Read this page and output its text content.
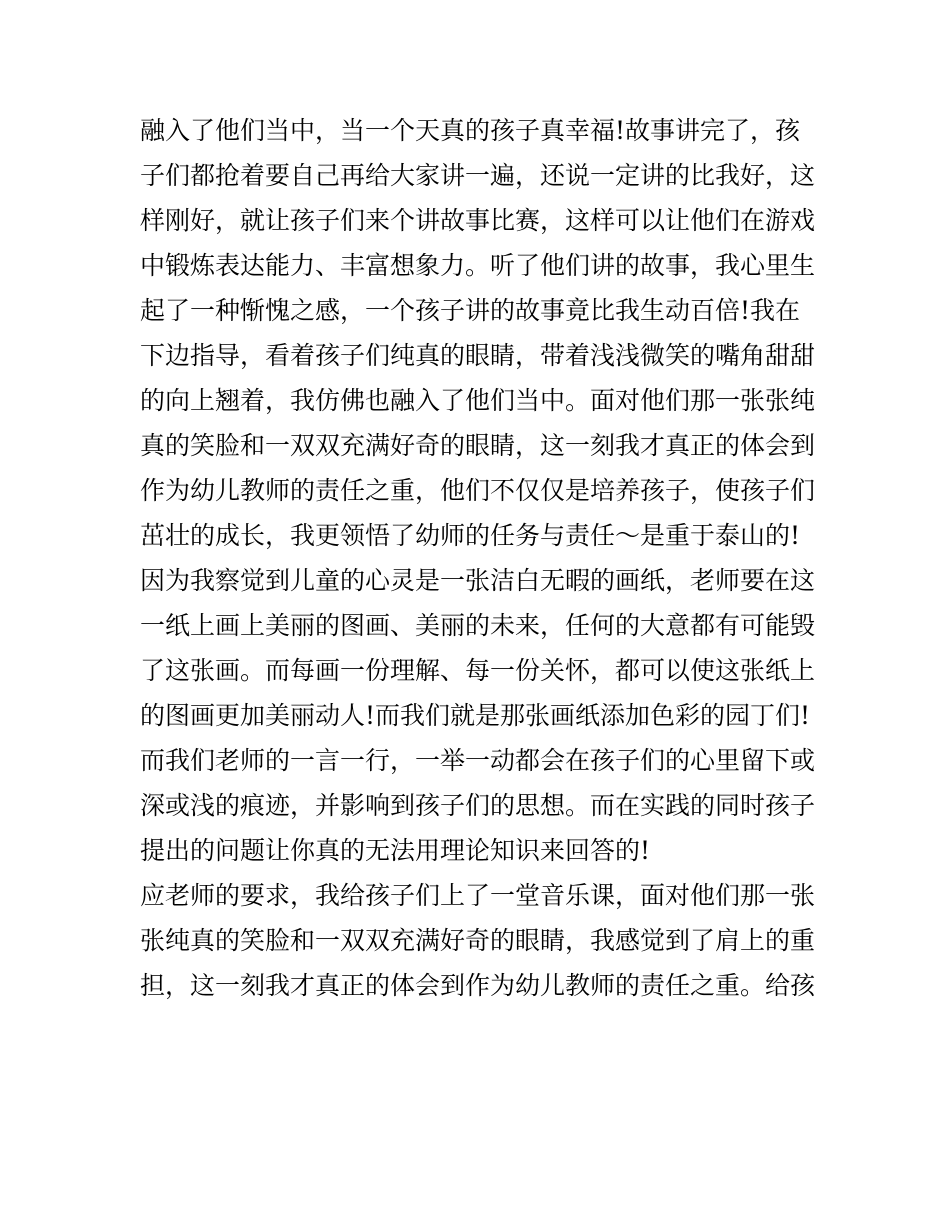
融入了他们当中，当一个天真的孩子真幸福!故事讲完了，孩
子们都抢着要自己再给大家讲一遍，还说一定讲的比我好，这
样刚好，就让孩子们来个讲故事比赛，这样可以让他们在游戏
中锻炼表达能力、丰富想象力。听了他们讲的故事，我心里生
起了一种惭愧之感，一个孩子讲的故事竟比我生动百倍!我在
下边指导，看着孩子们纯真的眼睛，带着浅浅微笑的嘴角甜甜
的向上翘着，我仿佛也融入了他们当中。面对他们那一张张纯
真的笑脸和一双双充满好奇的眼睛，这一刻我才真正的体会到
作为幼儿教师的责任之重，他们不仅仅是培养孩子，使孩子们
茁壮的成长，我更领悟了幼师的任务与责任～是重于泰山的!
因为我察觉到儿童的心灵是一张洁白无暇的画纸，老师要在这
一纸上画上美丽的图画、美丽的未来，任何的大意都有可能毁
了这张画。而每画一份理解、每一份关怀，都可以使这张纸上
的图画更加美丽动人!而我们就是那张画纸添加色彩的园丁们!
而我们老师的一言一行，一举一动都会在孩子们的心里留下或
深或浅的痕迹，并影响到孩子们的思想。而在实践的同时孩子
提出的问题让你真的无法用理论知识来回答的!
应老师的要求，我给孩子们上了一堂音乐课，面对他们那一张
张纯真的笑脸和一双双充满好奇的眼睛，我感觉到了肩上的重
担，这一刻我才真正的体会到作为幼儿教师的责任之重。给孩
